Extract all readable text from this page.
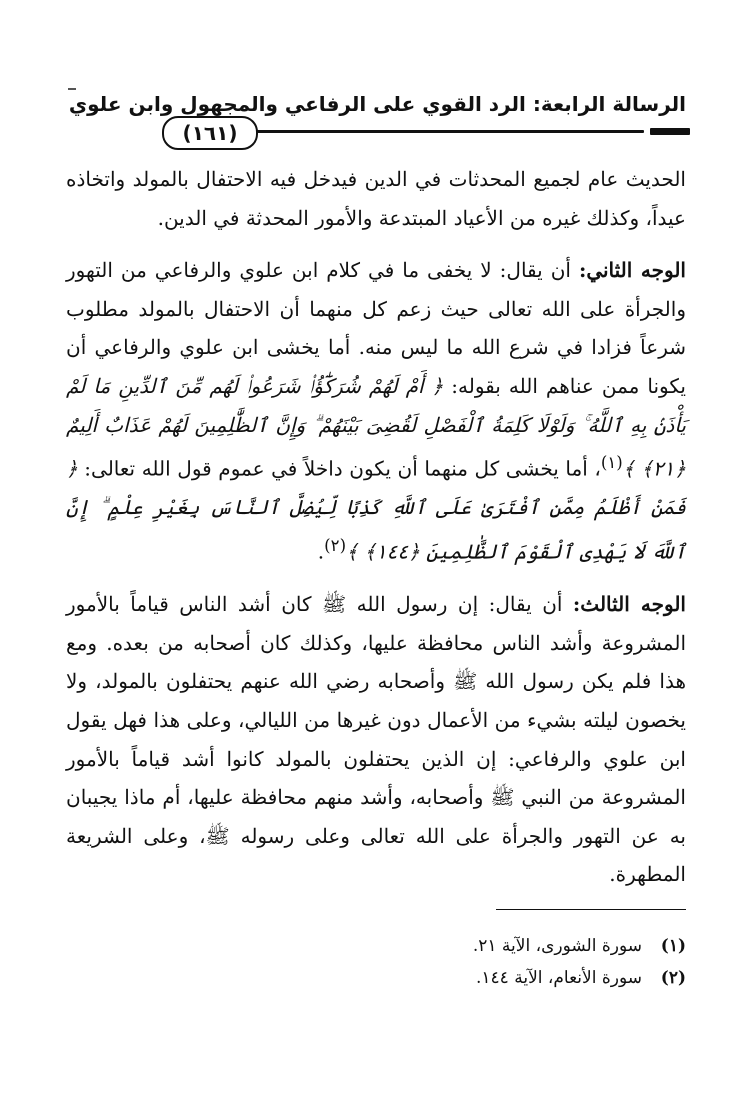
الرسالة الرابعة: الرد القوي على الرفاعي والمجهول وابن علوي
(١٦١)

الحديث عام لجميع المحدثات في الدين فيدخل فيه الاحتفال بالمولد واتخاذه عيداً، وكذلك غيره من الأعياد المبتدعة والأمور المحدثة في الدين.

الوجه الثاني: أن يقال: لا يخفى ما في كلام ابن علوي والرفاعي من التهور والجرأة على الله تعالى حيث زعم كل منهما أن الاحتفال بالمولد مطلوب شرعاً فزادا في شرع الله ما ليس منه. أما يخشى ابن علوي والرفاعي أن يكونا ممن عناهم الله بقوله: ﴿ أَمْ لَهُمْ شُرَكَٰٓؤُا۟ شَرَعُوا۟ لَهُم مِّنَ ٱلدِّينِ مَا لَمْ يَأْذَنۢ بِهِ ٱللَّهُ ۚ وَلَوْلَا كَلِمَةُ ٱلْفَصْلِ لَقُضِىَ بَيْنَهُمْ ۗ وَإِنَّ ٱلظَّٰلِمِينَ لَهُمْ عَذَابٌ أَلِيمٌ ﴿٢١﴾ ﴾$^{(١)}$، أما يخشى كل منهما أن يكون داخلاً في عموم قول الله تعالى: ﴿ فَمَنْ أَظْلَمُ مِمَّنِ ٱفْتَرَىٰ عَلَى ٱللَّهِ كَذِبًا لِّيُضِلَّ ٱلنَّاسَ بِغَيْرِ عِلْمٍ ۗ إِنَّ ٱللَّهَ لَا يَهْدِى ٱلْقَوْمَ ٱلظَّٰلِمِينَ ﴿١٤٤﴾ ﴾$^{(٢)}$.

الوجه الثالث: أن يقال: إن رسول الله ﷺ كان أشد الناس قياماً بالأمور المشروعة وأشد الناس محافظة عليها، وكذلك كان أصحابه من بعده. ومع هذا فلم يكن رسول الله ﷺ وأصحابه رضي الله عنهم يحتفلون بالمولد، ولا يخصون ليلته بشيء من الأعمال دون غيرها من الليالي، وعلى هذا فهل يقول ابن علوي والرفاعي: إن الذين يحتفلون بالمولد كانوا أشد قياماً بالأمور المشروعة من النبي ﷺ وأصحابه، وأشد منهم محافظة عليها، أم ماذا يجيبان به عن التهور والجرأة على الله تعالى وعلى رسوله ﷺ، وعلى الشريعة المطهرة.

(١)
سورة الشورى، الآية ٢١.
(٢)
سورة الأنعام، الآية ١٤٤.
